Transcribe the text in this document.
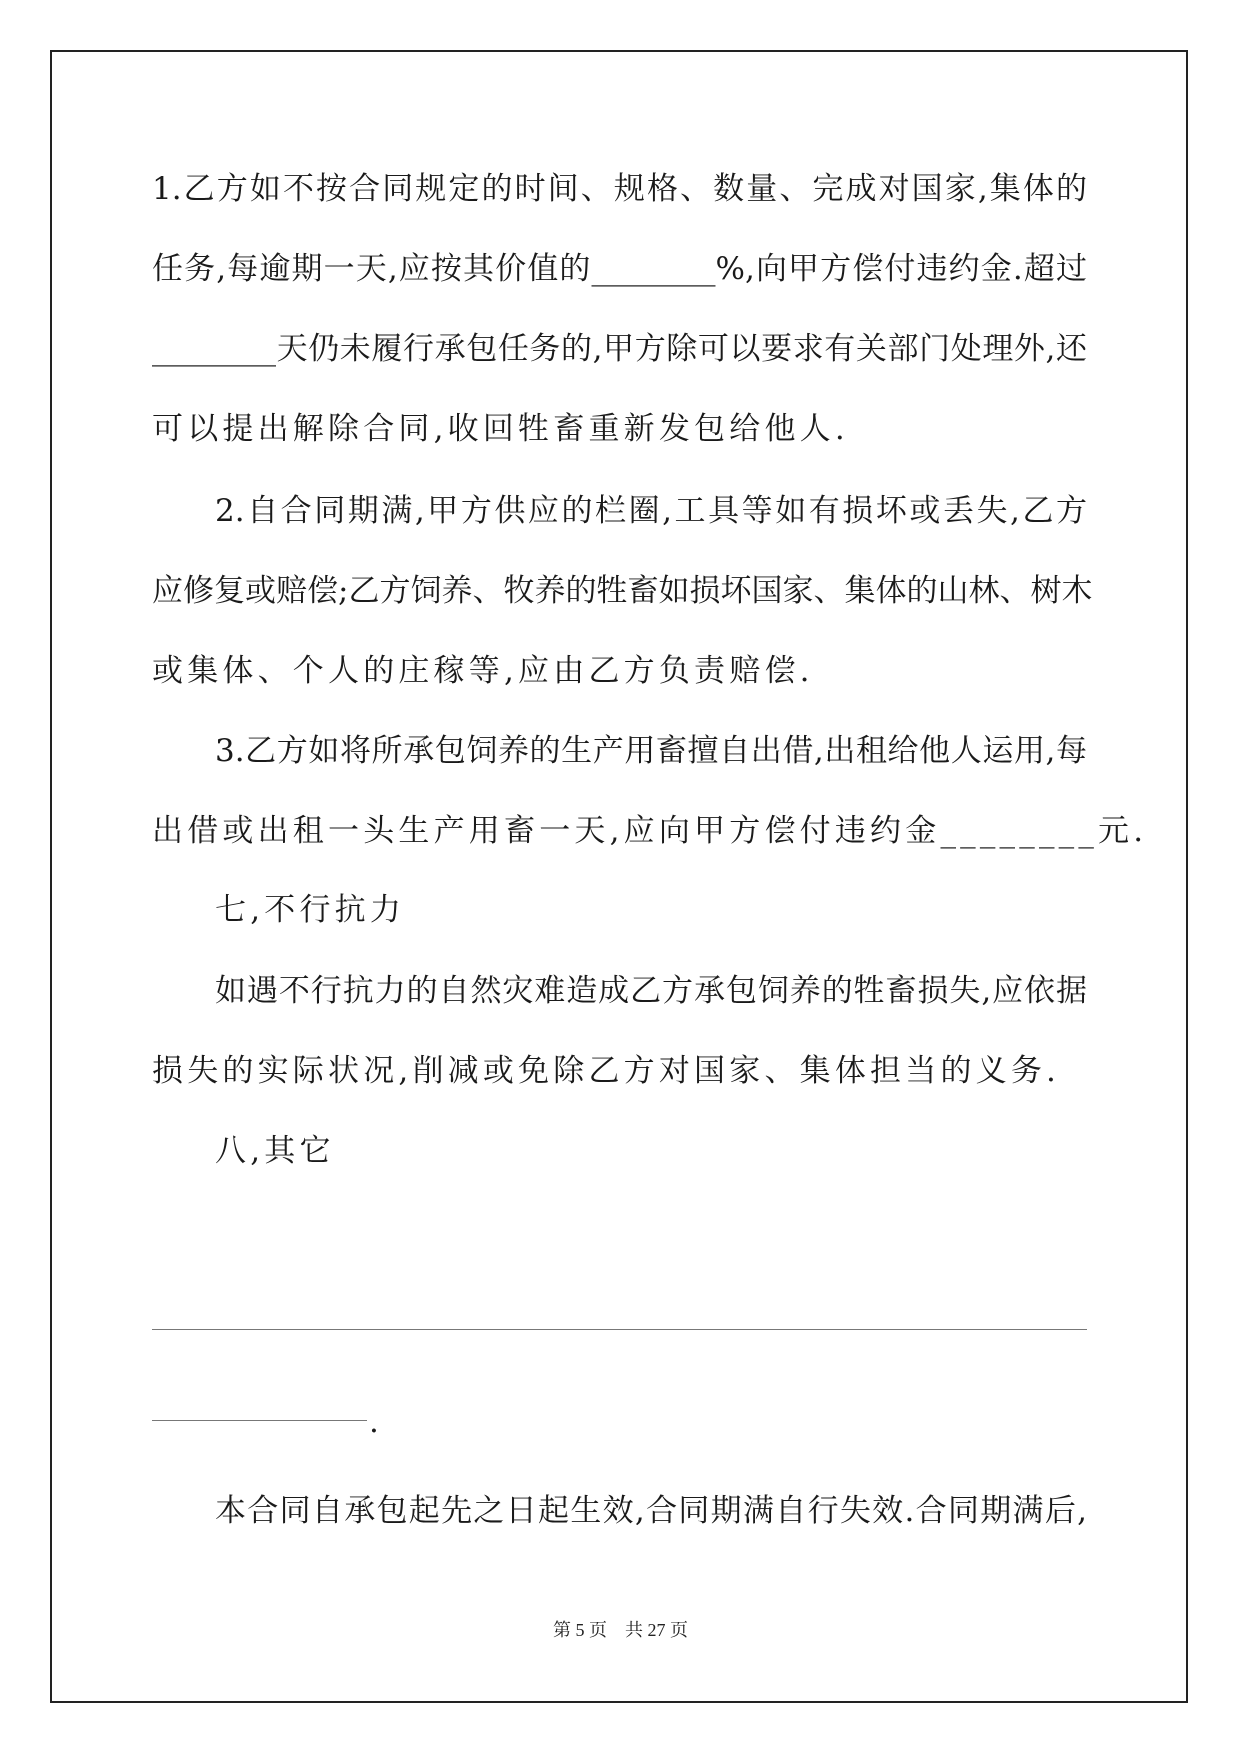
1.乙方如不按合同规定的时间、规格、数量、完成对国家,集体的
任务,每逾期一天,应按其价值的________%,向甲方偿付违约金.超过
________天仍未履行承包任务的,甲方除可以要求有关部门处理外,还
可以提出解除合同,收回牲畜重新发包给他人.
2.自合同期满,甲方供应的栏圈,工具等如有损坏或丢失,乙方
应修复或赔偿;乙方饲养、牧养的牲畜如损坏国家、集体的山林、树木
或集体、个人的庄稼等,应由乙方负责赔偿.
3.乙方如将所承包饲养的生产用畜擅自出借,出租给他人运用,每
出借或出租一头生产用畜一天,应向甲方偿付违约金________元.
七,不行抗力
如遇不行抗力的自然灾难造成乙方承包饲养的牲畜损失,应依据
损失的实际状况,削减或免除乙方对国家、集体担当的义务.
八,其它
.
本合同自承包起先之日起生效,合同期满自行失效.合同期满后,
第 5 页　共 27 页
